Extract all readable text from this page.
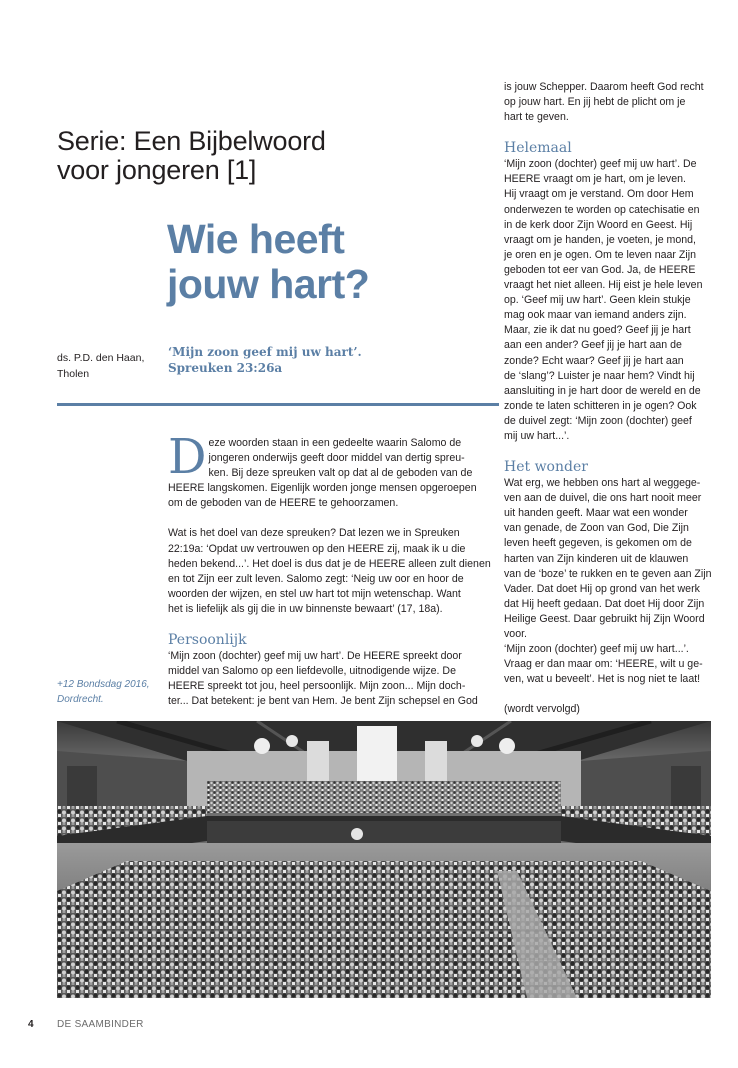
Serie: Een Bijbelwoord
voor jongeren [1]
Wie heeft
jouw hart?
ds. P.D. den Haan,
Tholen
‘Mijn zoon geef mij uw hart’.
Spreuken 23:26a
D eze woorden staan in een gedeelte waarin Salomo de

jongeren onderwijs geeft door middel van dertig spreu-

ken. Bij deze spreuken valt op dat al de geboden van de

HEERE langskomen. Eigenlijk worden jonge mensen opgeroepen

om de geboden van de HEERE te gehoorzamen.

Wat is het doel van deze spreuken? Dat lezen we in Spreuken

22:19a: ‘Opdat uw vertrouwen op den HEERE zij, maak ik u die

heden bekend...’. Het doel is dus dat je de HEERE alleen zult dienen

en tot Zijn eer zult leven. Salomo zegt: ‘Neig uw oor en hoor de

woorden der wijzen, en stel uw hart tot mijn wetenschap. Want

het is liefelijk als gij die in uw binnenste bewaart’ (17, 18a).

Persoonlijk

‘Mijn zoon (dochter) geef mij uw hart’. De HEERE spreekt door

middel van Salomo op een liefdevolle, uitnodigende wijze. De

HEERE spreekt tot jou, heel persoonlijk. Mijn zoon... Mijn doch-

ter... Dat betekent: je bent van Hem. Je bent Zijn schepsel en God

is jouw Schepper. Daarom heeft God recht

op jouw hart. En jij hebt de plicht om je

hart te geven.

Helemaal

‘Mijn zoon (dochter) geef mij uw hart’. De

HEERE vraagt om je hart, om je leven.

Hij vraagt om je verstand. Om door Hem

onderwezen te worden op catechisatie en

in de kerk door Zijn Woord en Geest. Hij

vraagt om je handen, je voeten, je mond,

je oren en je ogen. Om te leven naar Zijn

geboden tot eer van God. Ja, de HEERE

vraagt het niet alleen. Hij eist je hele leven

op. ‘Geef mij uw hart’. Geen klein stukje

mag ook maar van iemand anders zijn.

Maar, zie ik dat nu goed? Geef jij je hart

aan een ander? Geef jij je hart aan de

zonde? Echt waar? Geef jij je hart aan

de ‘slang’? Luister je naar hem? Vindt hij

aansluiting in je hart door de wereld en de

zonde te laten schitteren in je ogen? Ook

de duivel zegt: ‘Mijn zoon (dochter) geef

mij uw hart...’.

Het wonder

Wat erg, we hebben ons hart al weggege-

ven aan de duivel, die ons hart nooit meer

uit handen geeft. Maar wat een wonder

van genade, de Zoon van God, Die Zijn

leven heeft gegeven, is gekomen om de

harten van Zijn kinderen uit de klauwen

van de ‘boze’ te rukken en te geven aan Zijn

Vader. Dat doet Hij op grond van het werk

dat Hij heeft gedaan. Dat doet Hij door Zijn

Heilige Geest. Daar gebruikt hij Zijn Woord

voor.

‘Mijn zoon (dochter) geef mij uw hart...’.

Vraag er dan maar om: ‘HEERE, wilt u ge-

ven, wat u beveelt’. Het is nog niet te laat!

(wordt vervolgd)

+12 Bondsdag 2016,
Dordrecht.
4 DE SAAMBINDER
